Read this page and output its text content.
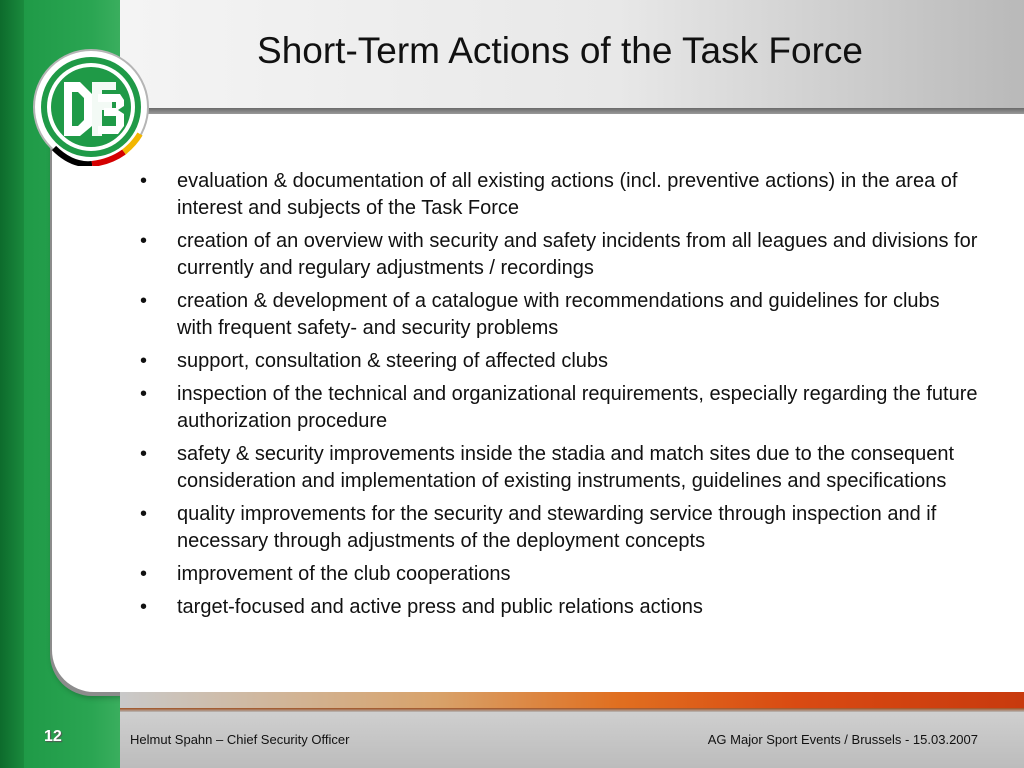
Short-Term Actions of the Task Force
• evaluation & documentation of all existing actions (incl. preventive actions) in the area of interest and subjects of the Task Force
• creation of an overview with security and safety incidents from all leagues and divisions for currently and regulary adjustments / recordings
• creation & development of a catalogue with recommendations and guidelines for clubs with frequent safety- and security problems
• support, consultation & steering of affected clubs
• inspection of the technical and organizational requirements, especially regarding the future authorization procedure
• safety & security improvements inside the stadia and match sites due to the consequent consideration and implementation of existing instruments, guidelines and specifications
• quality improvements for the security and stewarding service through inspection and if necessary through adjustments of the deployment concepts
• improvement of the club cooperations
• target-focused and active press and public relations actions
12	Helmut Spahn – Chief Security Officer	AG Major Sport Events / Brussels - 15.03.2007
